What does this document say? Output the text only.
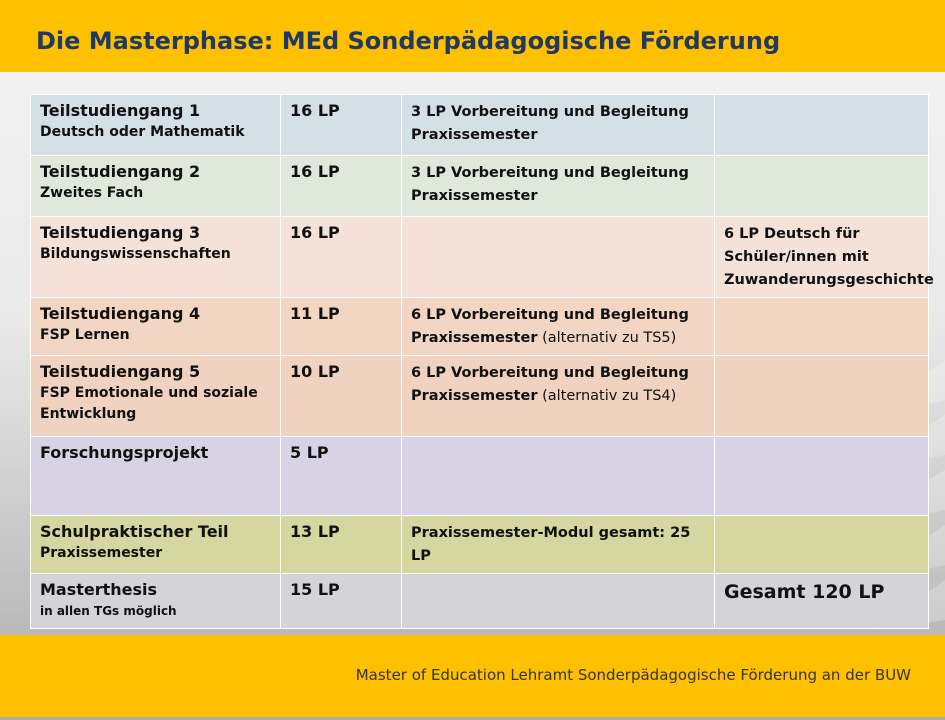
Die Masterphase: MEd Sonderpädagogische Förderung
Teilstudiengang 1
Deutsch oder Mathematik	16 LP	3 LP Vorbereitung und Begleitung Praxissemester	

Teilstudiengang 2
Zweites Fach	16 LP	3 LP Vorbereitung und Begleitung Praxissemester	

Teilstudiengang 3
Bildungswissenschaften	16 LP		6 LP Deutsch für Schüler/innen mit Zuwanderungsgeschichte

Teilstudiengang 4
FSP Lernen	11 LP	6 LP Vorbereitung und Begleitung Praxissemester (alternativ zu TS5)	

Teilstudiengang 5
FSP Emotionale und soziale Entwicklung	10 LP	6 LP Vorbereitung und Begleitung Praxissemester (alternativ zu TS4)	

Forschungsprojekt	5 LP		

Schulpraktischer Teil
Praxissemester	13 LP	Praxissemester-Modul gesamt: 25 LP	

Masterthesis
in allen TGs möglich	15 LP		Gesamt 120 LP
Master of Education Lehramt Sonderpädagogische Förderung an der BUW
